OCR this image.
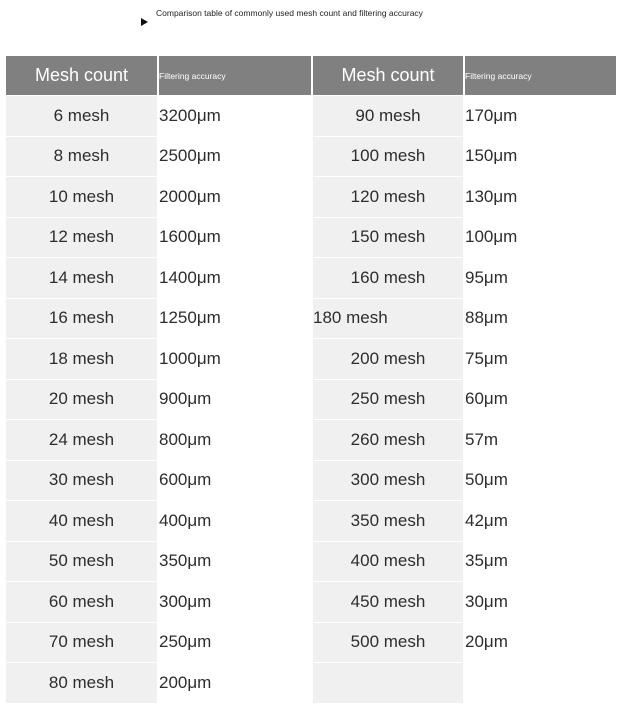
Comparison table of commonly used mesh count and filtering accuracy
Mesh count	Filtering accuracy	Mesh count	Filtering accuracy
6 mesh	3200μm	90 mesh	170μm
8 mesh	2500μm	100 mesh	150μm
10 mesh	2000μm	120 mesh	130μm
12 mesh	1600μm	150 mesh	100μm
14 mesh	1400μm	160 mesh	95μm
16 mesh	1250μm	180 mesh	88μm
18 mesh	1000μm	200 mesh	75μm
20 mesh	900μm	250 mesh	60μm
24 mesh	800μm	260 mesh	57m
30 mesh	600μm	300 mesh	50μm
40 mesh	400μm	350 mesh	42μm
50 mesh	350μm	400 mesh	35μm
60 mesh	300μm	450 mesh	30μm
70 mesh	250μm	500 mesh	20μm
80 mesh	200μm		
